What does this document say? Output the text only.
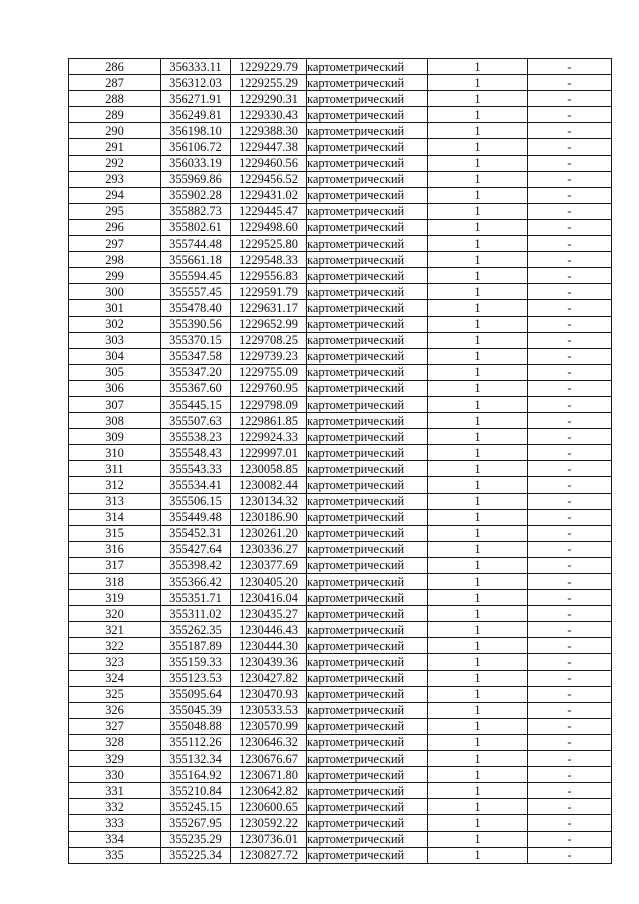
286	356333.11	1229229.79	картометрический	1	-
287	356312.03	1229255.29	картометрический	1	-
288	356271.91	1229290.31	картометрический	1	-
289	356249.81	1229330.43	картометрический	1	-
290	356198.10	1229388.30	картометрический	1	-
291	356106.72	1229447.38	картометрический	1	-
292	356033.19	1229460.56	картометрический	1	-
293	355969.86	1229456.52	картометрический	1	-
294	355902.28	1229431.02	картометрический	1	-
295	355882.73	1229445.47	картометрический	1	-
296	355802.61	1229498.60	картометрический	1	-
297	355744.48	1229525.80	картометрический	1	-
298	355661.18	1229548.33	картометрический	1	-
299	355594.45	1229556.83	картометрический	1	-
300	355557.45	1229591.79	картометрический	1	-
301	355478.40	1229631.17	картометрический	1	-
302	355390.56	1229652.99	картометрический	1	-
303	355370.15	1229708.25	картометрический	1	-
304	355347.58	1229739.23	картометрический	1	-
305	355347.20	1229755.09	картометрический	1	-
306	355367.60	1229760.95	картометрический	1	-
307	355445.15	1229798.09	картометрический	1	-
308	355507.63	1229861.85	картометрический	1	-
309	355538.23	1229924.33	картометрический	1	-
310	355548.43	1229997.01	картометрический	1	-
311	355543.33	1230058.85	картометрический	1	-
312	355534.41	1230082.44	картометрический	1	-
313	355506.15	1230134.32	картометрический	1	-
314	355449.48	1230186.90	картометрический	1	-
315	355452.31	1230261.20	картометрический	1	-
316	355427.64	1230336.27	картометрический	1	-
317	355398.42	1230377.69	картометрический	1	-
318	355366.42	1230405.20	картометрический	1	-
319	355351.71	1230416.04	картометрический	1	-
320	355311.02	1230435.27	картометрический	1	-
321	355262.35	1230446.43	картометрический	1	-
322	355187.89	1230444.30	картометрический	1	-
323	355159.33	1230439.36	картометрический	1	-
324	355123.53	1230427.82	картометрический	1	-
325	355095.64	1230470.93	картометрический	1	-
326	355045.39	1230533.53	картометрический	1	-
327	355048.88	1230570.99	картометрический	1	-
328	355112.26	1230646.32	картометрический	1	-
329	355132.34	1230676.67	картометрический	1	-
330	355164.92	1230671.80	картометрический	1	-
331	355210.84	1230642.82	картометрический	1	-
332	355245.15	1230600.65	картометрический	1	-
333	355267.95	1230592.22	картометрический	1	-
334	355235.29	1230736.01	картометрический	1	-
335	355225.34	1230827.72	картометрический	1	-
